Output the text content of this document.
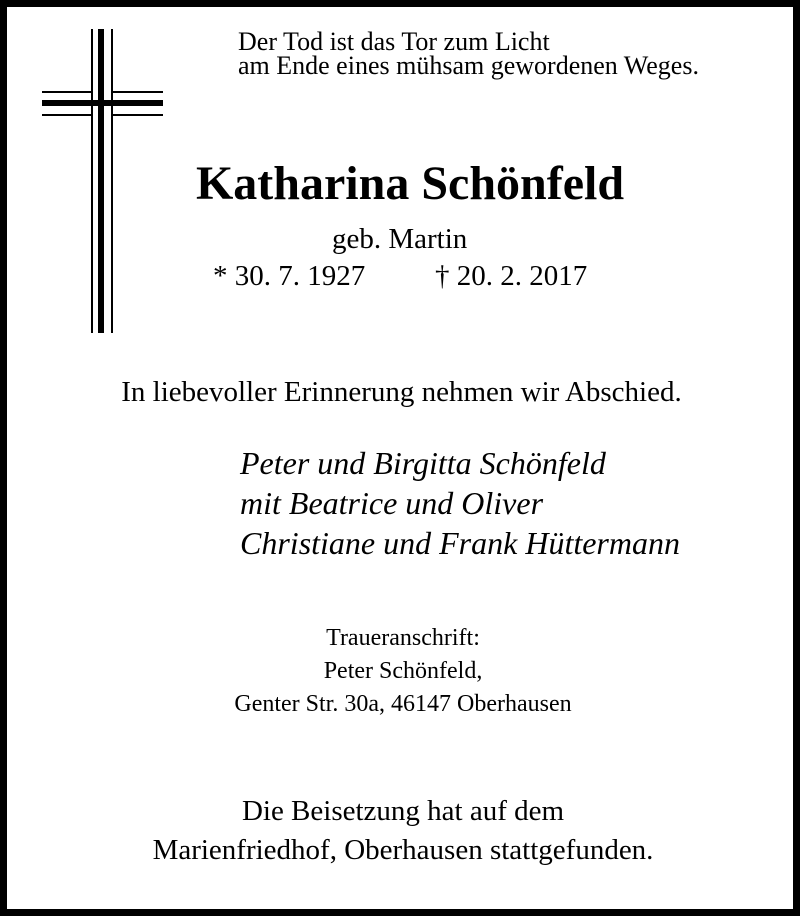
Der Tod ist das Tor zum Licht
am Ende eines mühsam gewordenen Weges.
Katharina Schönfeld
geb. Martin
* 30. 7. 1927 † 20. 2. 2017
In liebevoller Erinnerung nehmen wir Abschied.
Peter und Birgitta Schönfeld
mit Beatrice und Oliver
Christiane und Frank Hüttermann
Traueranschrift:
Peter Schönfeld,
Genter Str. 30a, 46147 Oberhausen
Die Beisetzung hat auf dem
Marienfriedhof, Oberhausen stattgefunden.
